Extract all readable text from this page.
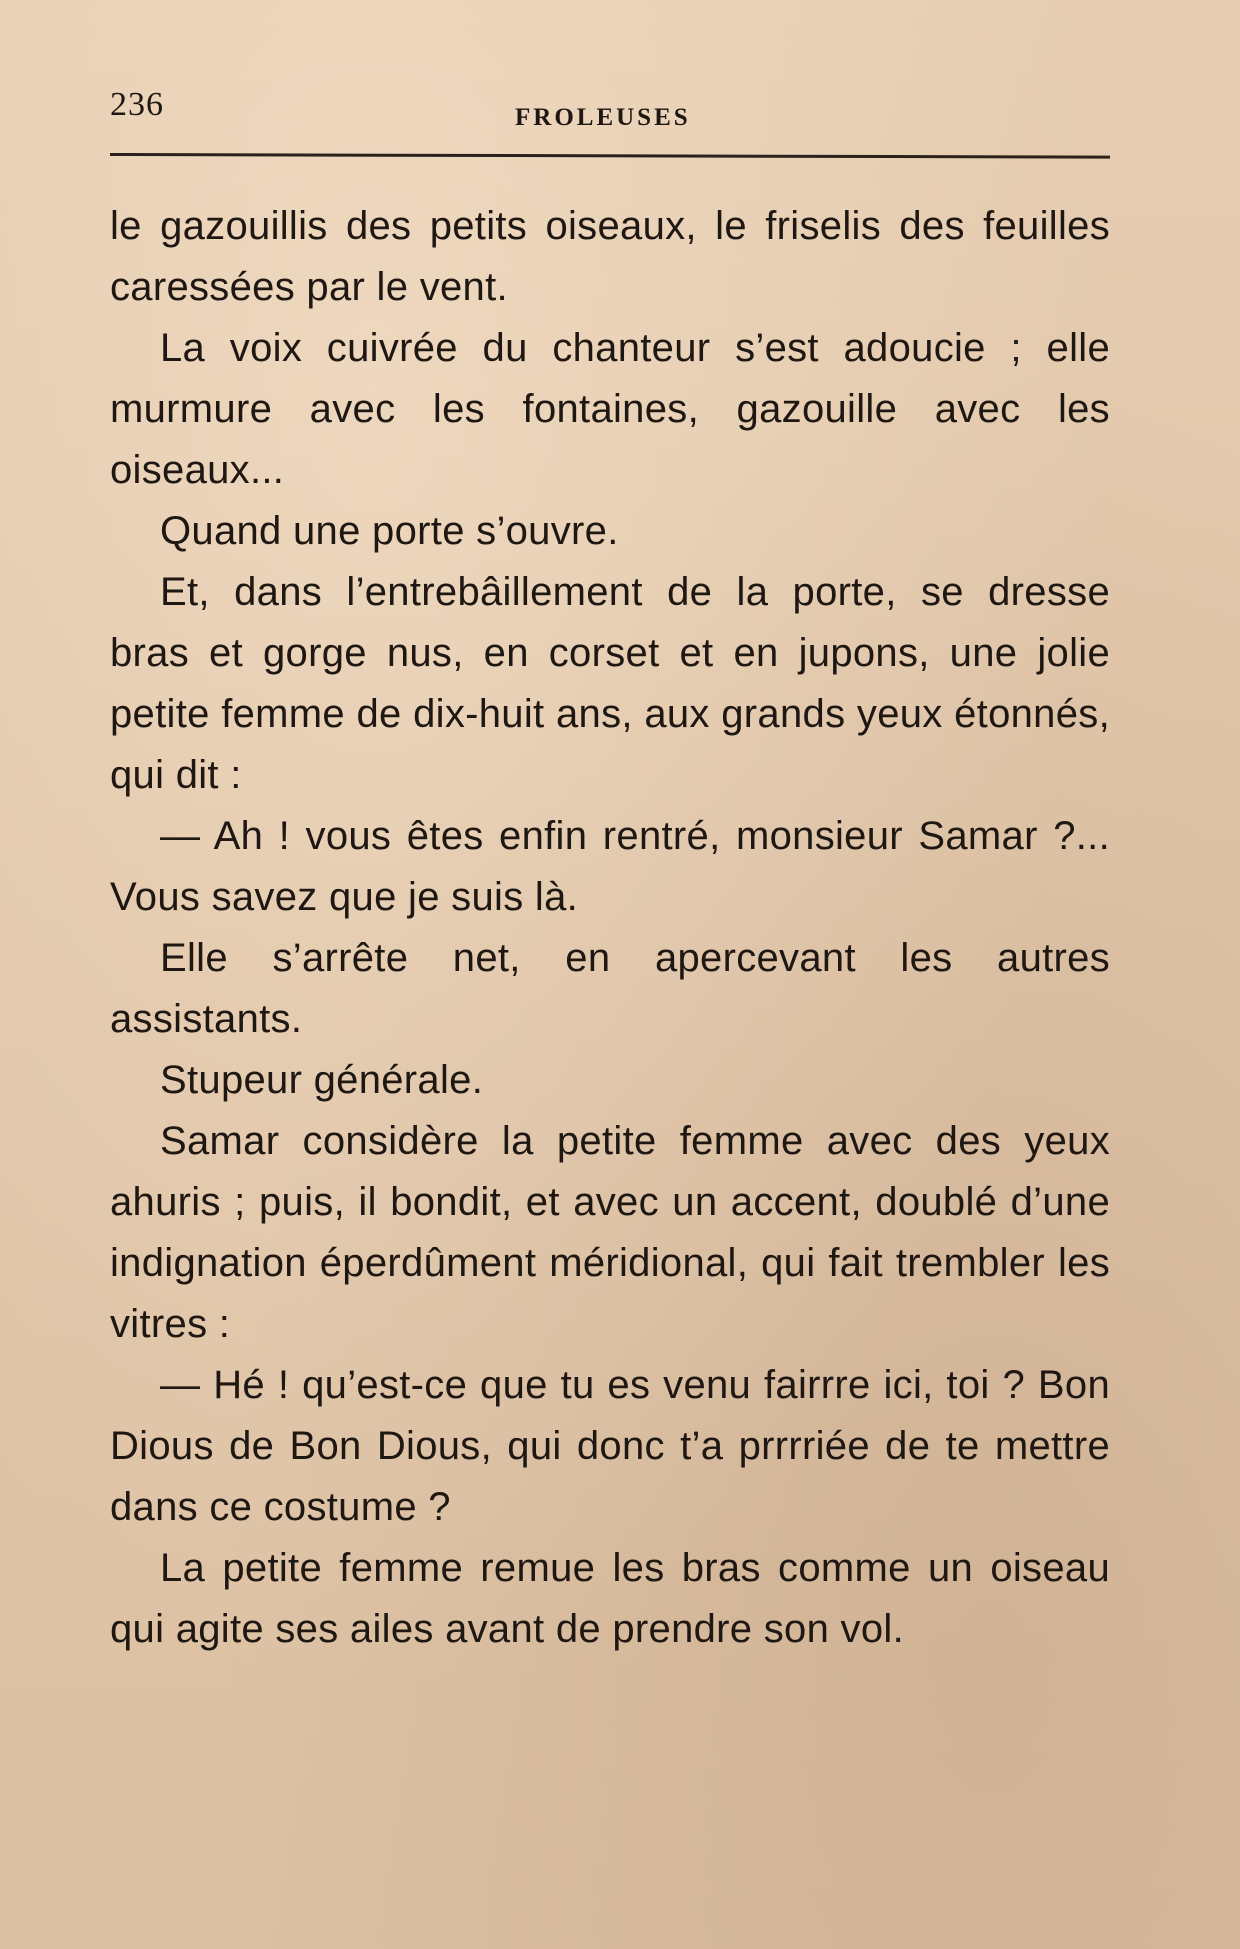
236	FROLEUSES

le gazouillis des petits oiseaux, le friselis des feuilles caressées par le vent.

La voix cuivrée du chanteur s’est adoucie ; elle murmure avec les fontaines, gazouille avec les oiseaux...

Quand une porte s’ouvre.

Et, dans l’entrebâillement de la porte, se dresse bras et gorge nus, en corset et en jupons, une jolie petite femme de dix-huit ans, aux grands yeux étonnés, qui dit :

— Ah ! vous êtes enfin rentré, monsieur Samar ?... Vous savez que je suis là.

Elle s’arrête net, en apercevant les autres assistants.

Stupeur générale.

Samar considère la petite femme avec des yeux ahuris ; puis, il bondit, et avec un accent, doublé d’une indignation éperdûment méridional, qui fait trembler les vitres :

— Hé ! qu’est-ce que tu es venu fairrre ici, toi ? Bon Dious de Bon Dious, qui donc t’a prrrriée de te mettre dans ce costume ?

La petite femme remue les bras comme un oiseau qui agite ses ailes avant de prendre son vol.
